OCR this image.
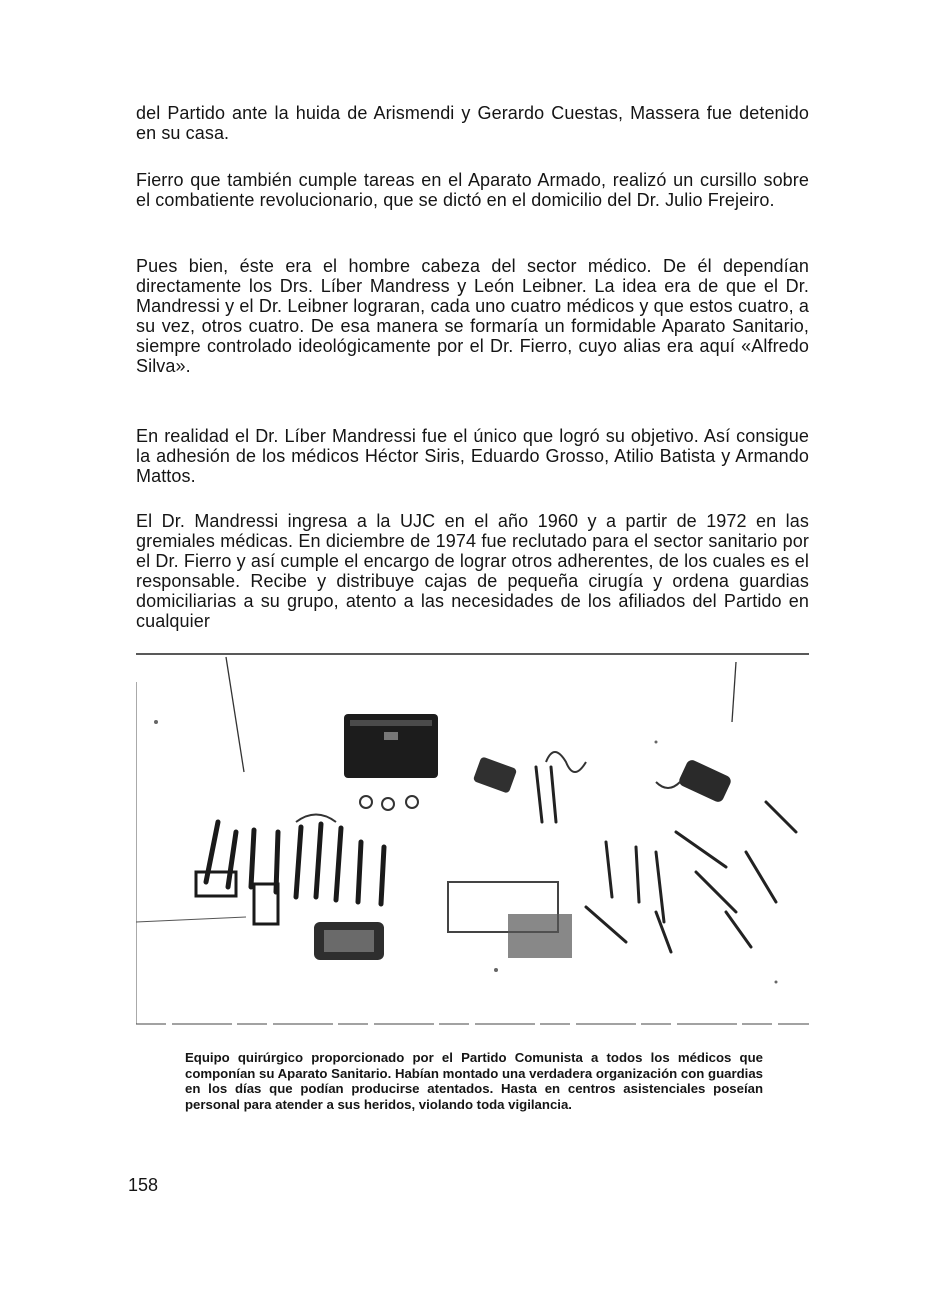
del Partido ante la huida de Arismendi y Gerardo Cuestas, Massera fue detenido en su casa.

Fierro que también cumple tareas en el Aparato Armado, realizó un cursillo sobre el combatiente revolucionario, que se dictó en el domicilio del Dr. Julio Frejeiro.

Pues bien, éste era el hombre cabeza del sector médico. De él dependían directamente los Drs. Líber Mandress y León Leibner. La idea era de que el Dr. Mandressi y el Dr. Leibner lograran, cada uno cuatro médicos y que estos cuatro, a su vez, otros cuatro. De esa manera se formaría un formidable Aparato Sanitario, siempre controlado ideológicamente por el Dr. Fierro, cuyo alias era aquí «Alfredo Silva».

En realidad el Dr. Líber Mandressi fue el único que logró su objetivo. Así consigue la adhesión de los médicos Héctor Siris, Eduardo Grosso, Atilio Batista y Armando Mattos.

El Dr. Mandressi ingresa a la UJC en el año 1960 y a partir de 1972 en las gremiales médicas. En diciembre de 1974 fue reclutado para el sector sanitario por el Dr. Fierro y así cumple el encargo de lograr otros adherentes, de los cuales es el responsable. Recibe y distribuye cajas de pequeña cirugía y ordena guardias domiciliarias a su grupo, atento a las necesidades de los afiliados del Partido en cualquier

Equipo quirúrgico proporcionado por el Partido Comunista a todos los médicos que componían su Aparato Sanitario. Habían montado una verdadera organización con guardias en los días que podían producirse atentados. Hasta en centros asistenciales poseían personal para atender a sus heridos, violando toda vigilancia.

158
